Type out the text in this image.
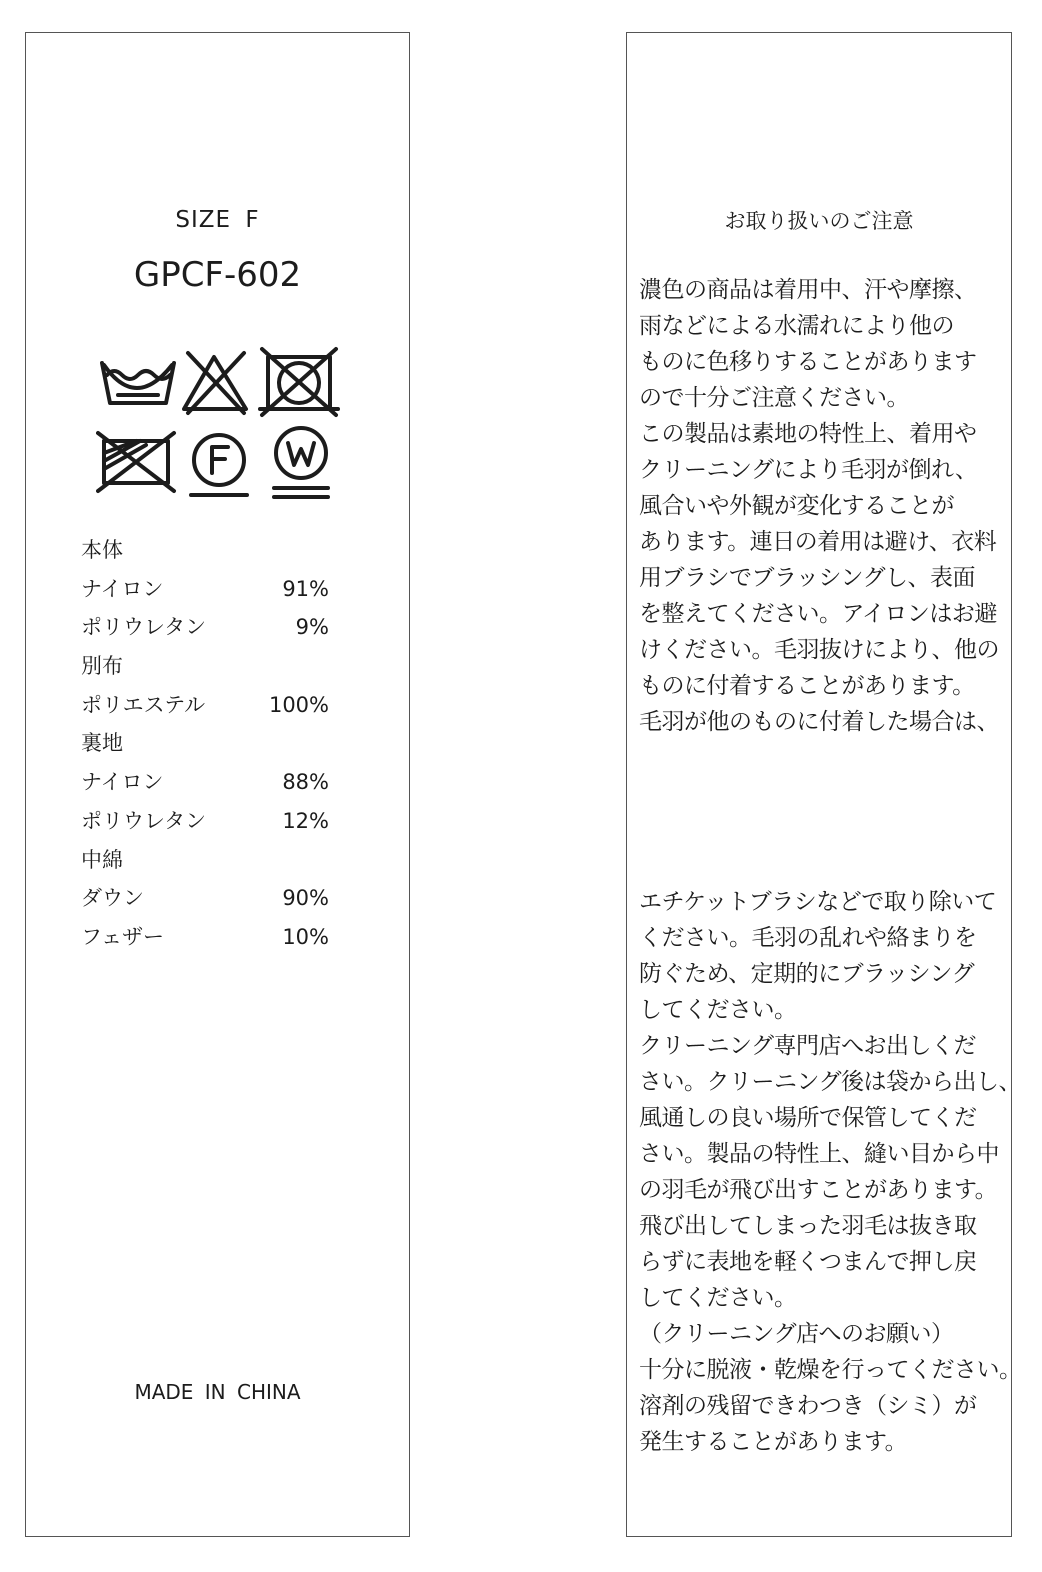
SIZE F
GPCF-602
本体
ナイロン	91%
ポリウレタン	9%
別布
ポリエステル	100%
裏地
ナイロン	88%
ポリウレタン	12%
中綿
ダウン	90%
フェザー	10%
MADE IN CHINA
お取り扱いのご注意
濃色の商品は着用中、汗や摩擦、
雨などによる水濡れにより他の
ものに色移りすることがあります
ので十分ご注意ください。
この製品は素地の特性上、着用や
クリーニングにより毛羽が倒れ、
風合いや外観が変化することが
あります。連日の着用は避け、衣料
用ブラシでブラッシングし、表面
を整えてください。アイロンはお避
けください。毛羽抜けにより、他の
ものに付着することがあります。
毛羽が他のものに付着した場合は、
エチケットブラシなどで取り除いて
ください。毛羽の乱れや絡まりを
防ぐため、定期的にブラッシング
してください。
クリーニング専門店へお出しくだ
さい。クリーニング後は袋から出し、
風通しの良い場所で保管してくだ
さい。製品の特性上、縫い目から中
の羽毛が飛び出すことがあります。
飛び出してしまった羽毛は抜き取
らずに表地を軽くつまんで押し戻
してください。
（クリーニング店へのお願い）
十分に脱液・乾燥を行ってください。
溶剤の残留できわつき（シミ）が
発生することがあります。
